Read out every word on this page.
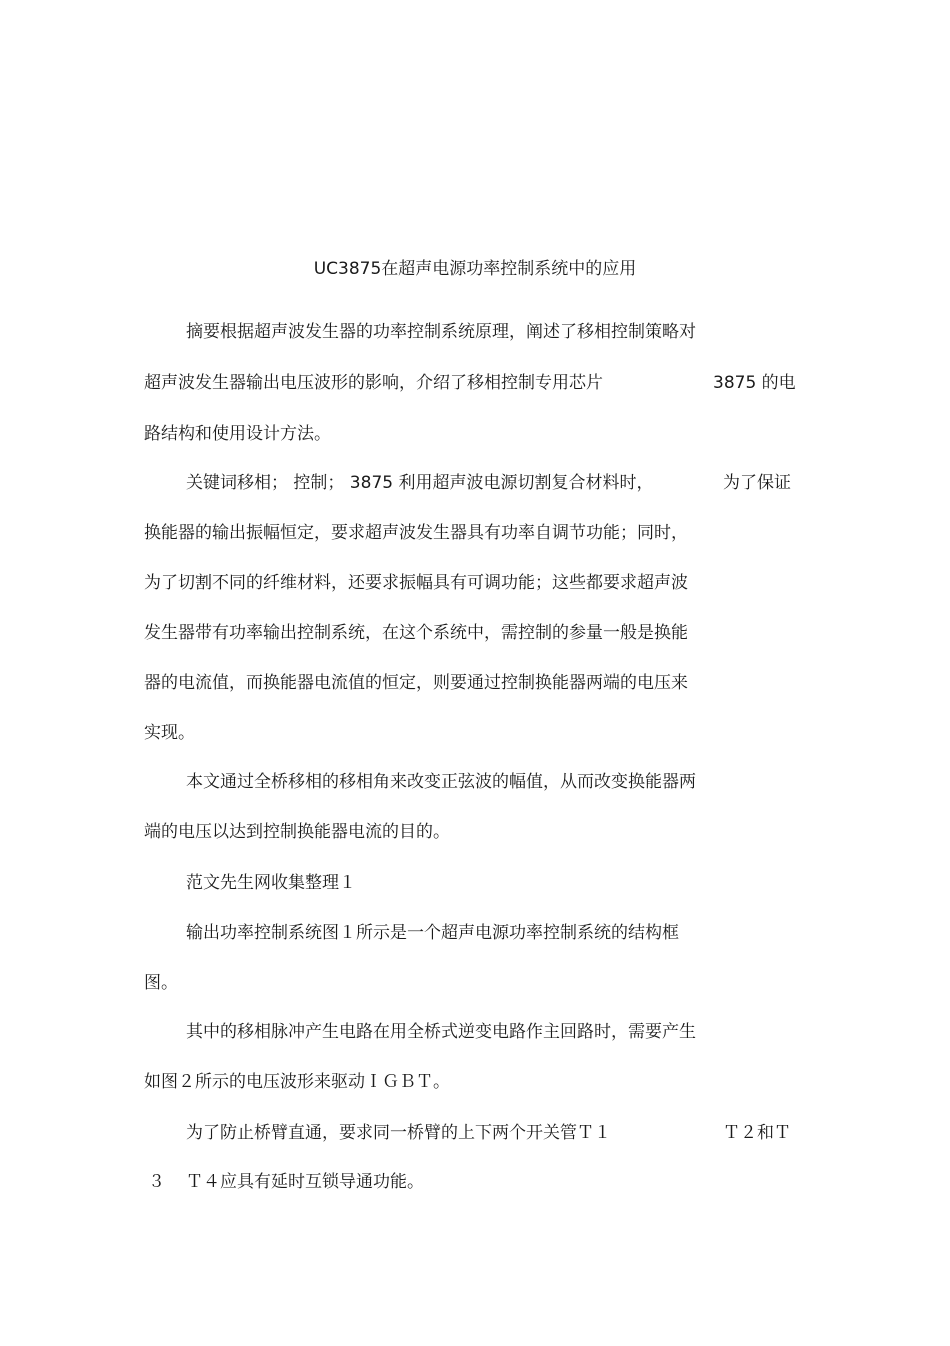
UC3875在超声电源功率控制系统中的应用
摘要根据超声波发生器的功率控制系统原理，阐述了移相控制策略对
超声波发生器输出电压波形的影响，介绍了移相控制专用芯片	3875 的电
路结构和使用设计方法。
关键词移相； 控制； 3875 利用超声波电源切割复合材料时，	为了保证
换能器的输出振幅恒定，要求超声波发生器具有功率自调节功能；同时，
为了切割不同的纤维材料，还要求振幅具有可调功能；这些都要求超声波
发生器带有功率输出控制系统，在这个系统中，需控制的参量一般是换能
器的电流值，而换能器电流值的恒定，则要通过控制换能器两端的电压来
实现。
本文通过全桥移相的移相角来改变正弦波的幅值，从而改变换能器两
端的电压以达到控制换能器电流的目的。
范文先生网收集整理１
输出功率控制系统图１所示是一个超声电源功率控制系统的结构框
图。
其中的移相脉冲产生电路在用全桥式逆变电路作主回路时，需要产生
如图２所示的电压波形来驱动ＩＧＢＴ。
为了防止桥臂直通，要求同一桥臂的上下两个开关管Ｔ１	Ｔ２和Ｔ
３ Ｔ４应具有延时互锁导通功能。
